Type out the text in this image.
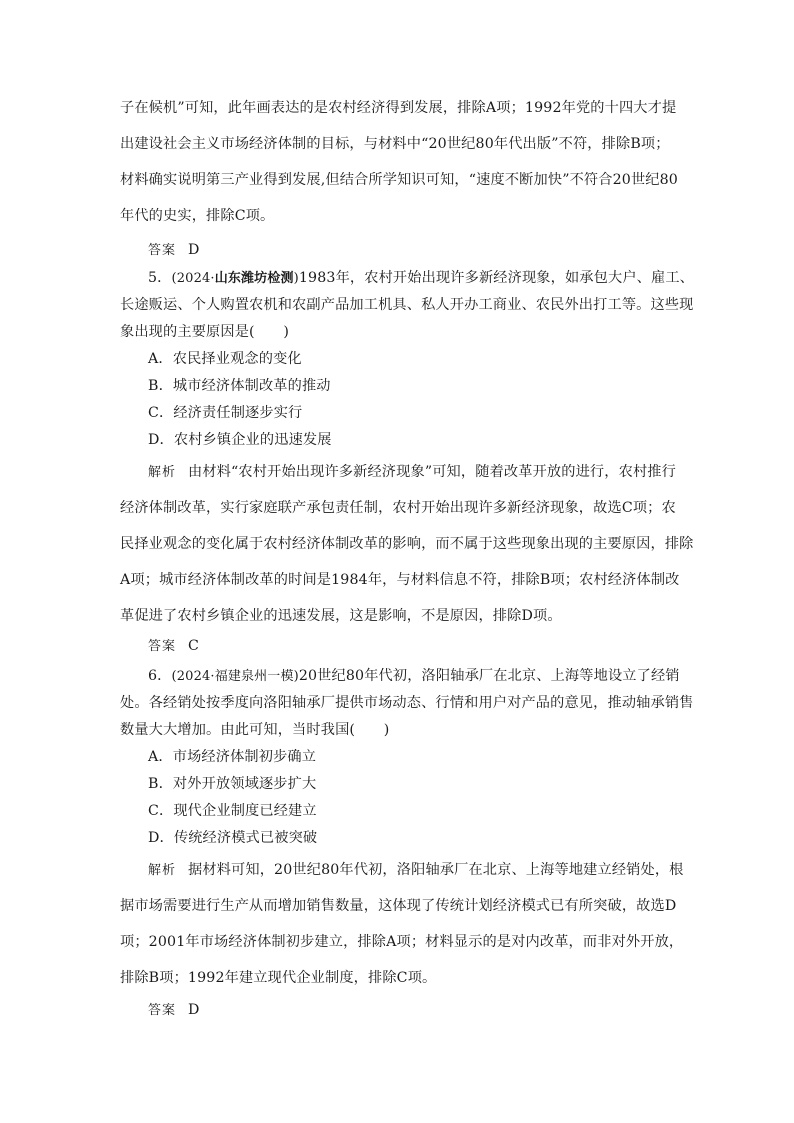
子在候机”可知，此年画表达的是农村经济得到发展，排除A项；1992年党的十四大才提
出建设社会主义市场经济体制的目标，与材料中“20世纪80年代出版”不符，排除B项；
材料确实说明第三产业得到发展,但结合所学知识可知，“速度不断加快”不符合20世纪80
年代的史实，排除C项。
答案 D
5．(2024·山东潍坊检测)1983年，农村开始出现许多新经济现象，如承包大户、雇工、
长途贩运、个人购置农机和农副产品加工机具、私人开办工商业、农民外出打工等。这些现
象出现的主要原因是(　　)
A．农民择业观念的变化
B．城市经济体制改革的推动
C．经济责任制逐步实行
D．农村乡镇企业的迅速发展
解析 由材料“农村开始出现许多新经济现象”可知，随着改革开放的进行，农村推行
经济体制改革，实行家庭联产承包责任制，农村开始出现许多新经济现象，故选C项；农
民择业观念的变化属于农村经济体制改革的影响，而不属于这些现象出现的主要原因，排除
A项；城市经济体制改革的时间是1984年，与材料信息不符，排除B项；农村经济体制改
革促进了农村乡镇企业的迅速发展，这是影响，不是原因，排除D项。
答案 C
6．(2024·福建泉州一模)20世纪80年代初，洛阳轴承厂在北京、上海等地设立了经销
处。各经销处按季度向洛阳轴承厂提供市场动态、行情和用户对产品的意见，推动轴承销售
数量大大增加。由此可知，当时我国(　　)
A．市场经济体制初步确立
B．对外开放领域逐步扩大
C．现代企业制度已经建立
D．传统经济模式已被突破
解析 据材料可知，20世纪80年代初，洛阳轴承厂在北京、上海等地建立经销处，根
据市场需要进行生产从而增加销售数量，这体现了传统计划经济模式已有所突破，故选D
项；2001年市场经济体制初步建立，排除A项；材料显示的是对内改革，而非对外开放，
排除B项；1992年建立现代企业制度，排除C项。
答案 D
